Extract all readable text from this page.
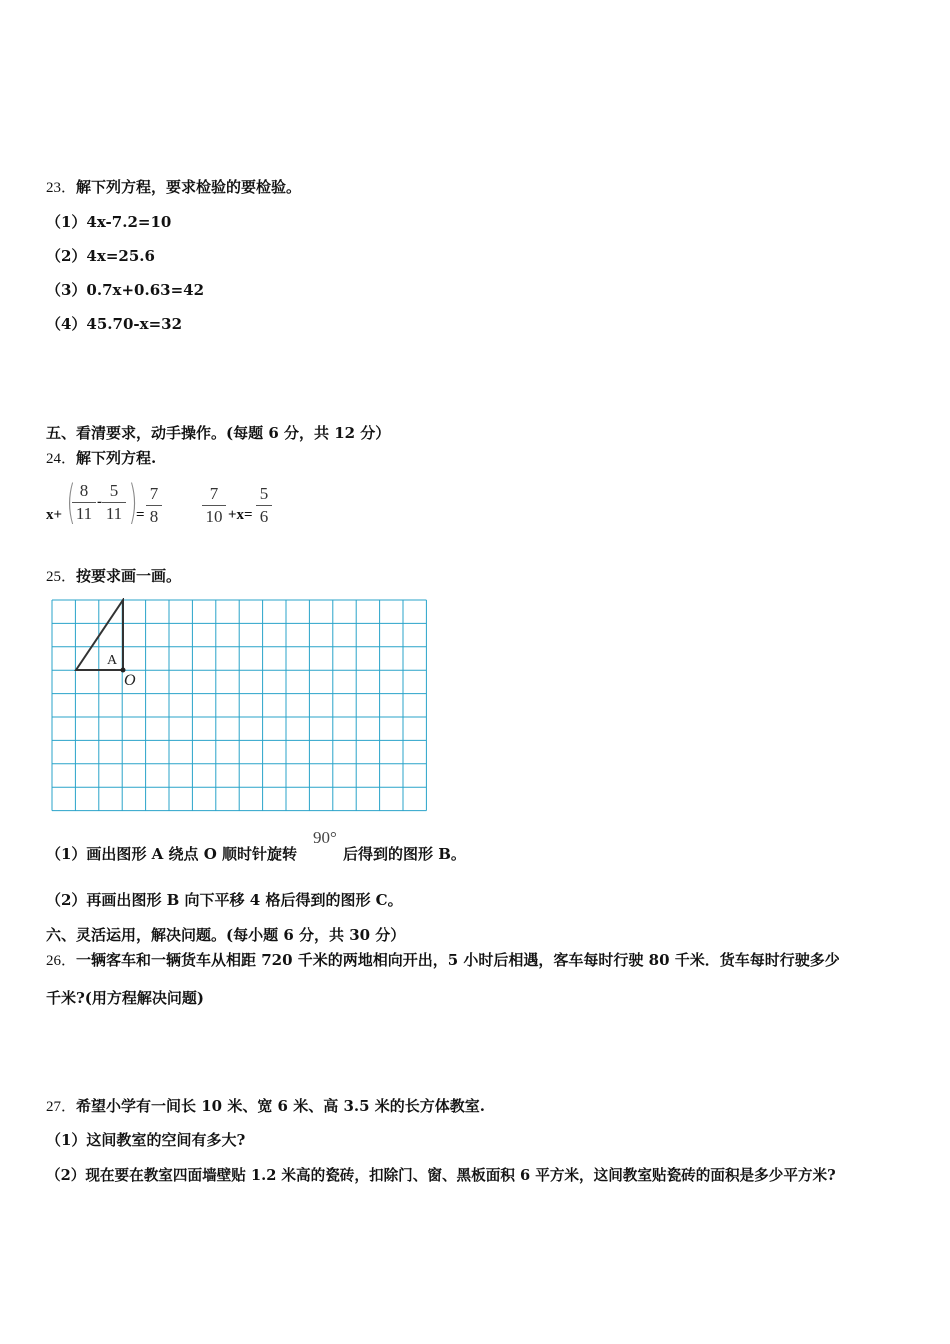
23．解下列方程，要求检验的要检验。
（1）4x-7.2=10
（2）4x=25.6
（3）0.7x+0.63=42
（4）45.70-x=32
五、看清要求，动手操作。(每题 6 分，共 12 分）
24．解下列方程.
x+ ( 8
11
-
5
11 )
=
7
8
7
10 +x=
5
6
25．按要求画一画。
A
O
（1）画出图形 A 绕点 O 顺时针旋转
90°
后得到的图形 B。
（2）再画出图形 B 向下平移 4 格后得到的图形 C。
六、灵活运用，解决问题。(每小题 6 分，共 30 分）
26．一辆客车和一辆货车从相距 720 千米的两地相向开出，5 小时后相遇，客车每时行驶 80 千米．货车每时行驶多少
千米?(用方程解决问题)
27．希望小学有一间长 10 米、宽 6 米、高 3.5 米的长方体教室.
（1）这间教室的空间有多大?
（2）现在要在教室四面墙壁贴 1.2 米高的瓷砖，扣除门、窗、黑板面积 6 平方米，这间教室贴瓷砖的面积是多少平方米?
